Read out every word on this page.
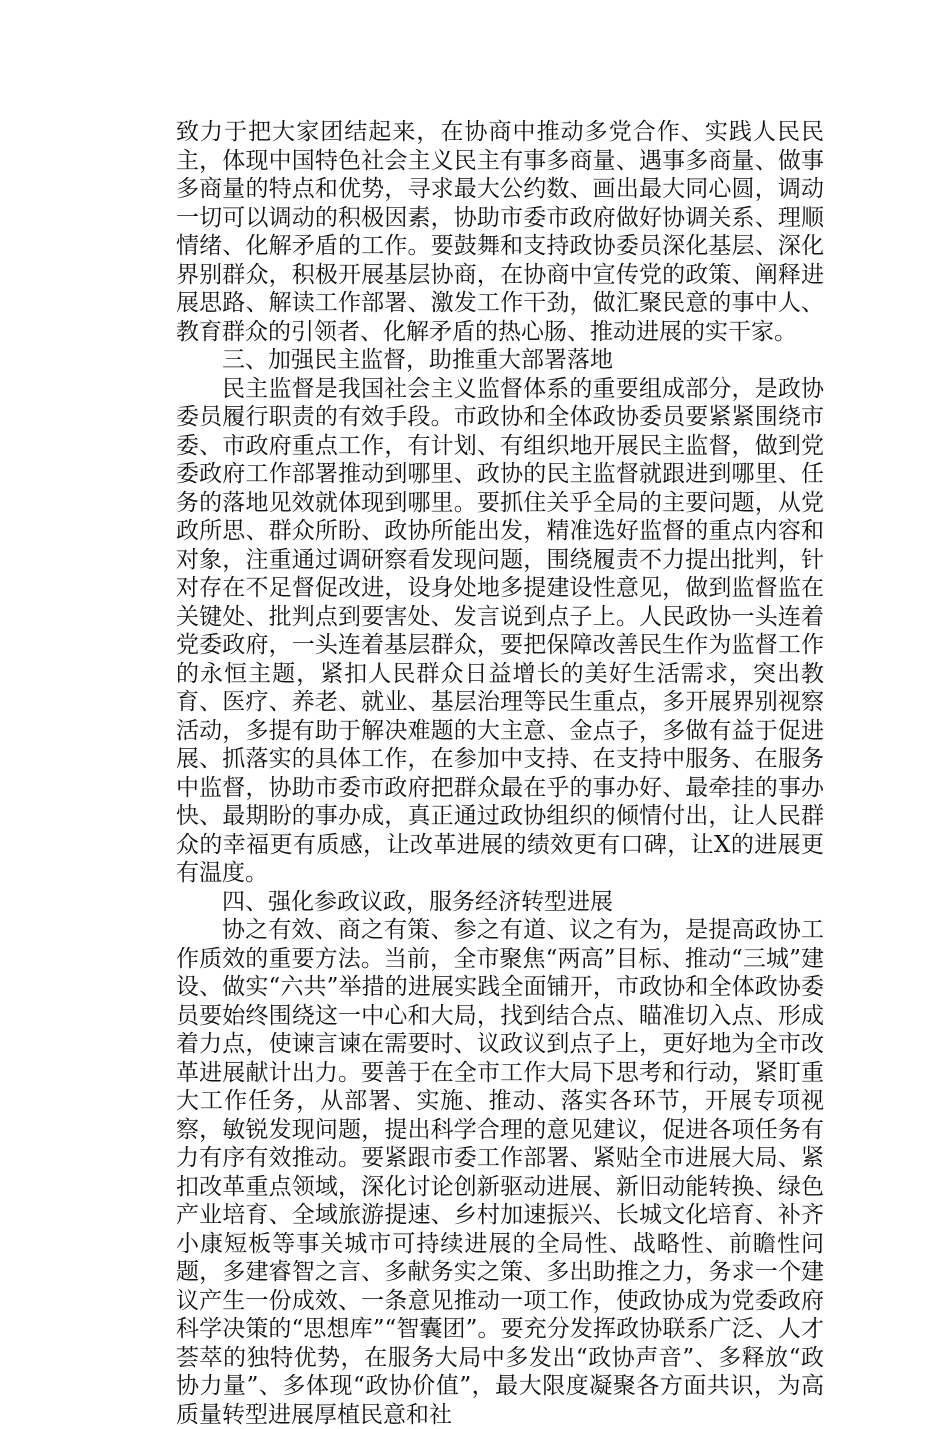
致力于把大家团结起来，在协商中推动多党合作、实践人民民主，体现中国特色社会主义民主有事多商量、遇事多商量、做事多商量的特点和优势，寻求最大公约数、画出最大同心圆，调动一切可以调动的积极因素，协助市委市政府做好协调关系、理顺情绪、化解矛盾的工作。要鼓舞和支持政协委员深化基层、深化界别群众，积极开展基层协商，在协商中宣传党的政策、阐释进展思路、解读工作部署、激发工作干劲，做汇聚民意的事中人、教育群众的引领者、化解矛盾的热心肠、推动进展的实干家。

三、加强民主监督，助推重大部署落地

民主监督是我国社会主义监督体系的重要组成部分，是政协委员履行职责的有效手段。市政协和全体政协委员要紧紧围绕市委、市政府重点工作，有计划、有组织地开展民主监督，做到党委政府工作部署推动到哪里、政协的民主监督就跟进到哪里、任务的落地见效就体现到哪里。要抓住关乎全局的主要问题，从党政所思、群众所盼、政协所能出发，精准选好监督的重点内容和对象，注重通过调研察看发现问题，围绕履责不力提出批判，针对存在不足督促改进，设身处地多提建设性意见，做到监督监在关键处、批判点到要害处、发言说到点子上。人民政协一头连着党委政府，一头连着基层群众，要把保障改善民生作为监督工作的永恒主题，紧扣人民群众日益增长的美好生活需求，突出教育、医疗、养老、就业、基层治理等民生重点，多开展界别视察活动，多提有助于解决难题的大主意、金点子，多做有益于促进展、抓落实的具体工作，在参加中支持、在支持中服务、在服务中监督，协助市委市政府把群众最在乎的事办好、最牵挂的事办快、最期盼的事办成，真正通过政协组织的倾情付出，让人民群众的幸福更有质感，让改革进展的绩效更有口碑，让X的进展更有温度。

四、强化参政议政，服务经济转型进展

协之有效、商之有策、参之有道、议之有为，是提高政协工作质效的重要方法。当前，全市聚焦“两高”目标、推动“三城”建设、做实“六共”举措的进展实践全面铺开，市政协和全体政协委员要始终围绕这一中心和大局，找到结合点、瞄准切入点、形成着力点，使谏言谏在需要时、议政议到点子上，更好地为全市改革进展献计出力。要善于在全市工作大局下思考和行动，紧盯重大工作任务，从部署、实施、推动、落实各环节，开展专项视察，敏锐发现问题，提出科学合理的意见建议，促进各项任务有力有序有效推动。要紧跟市委工作部署、紧贴全市进展大局、紧扣改革重点领域，深化讨论创新驱动进展、新旧动能转换、绿色产业培育、全域旅游提速、乡村加速振兴、长城文化培育、补齐小康短板等事关城市可持续进展的全局性、战略性、前瞻性问题，多建睿智之言、多献务实之策、多出助推之力，务求一个建议产生一份成效、一条意见推动一项工作，使政协成为党委政府科学决策的“思想库”“智囊团”。要充分发挥政协联系广泛、人才荟萃的独特优势，在服务大局中多发出“政协声音”、多释放“政协力量”、多体现“政协价值”，最大限度凝聚各方面共识，为高质量转型进展厚植民意和社
